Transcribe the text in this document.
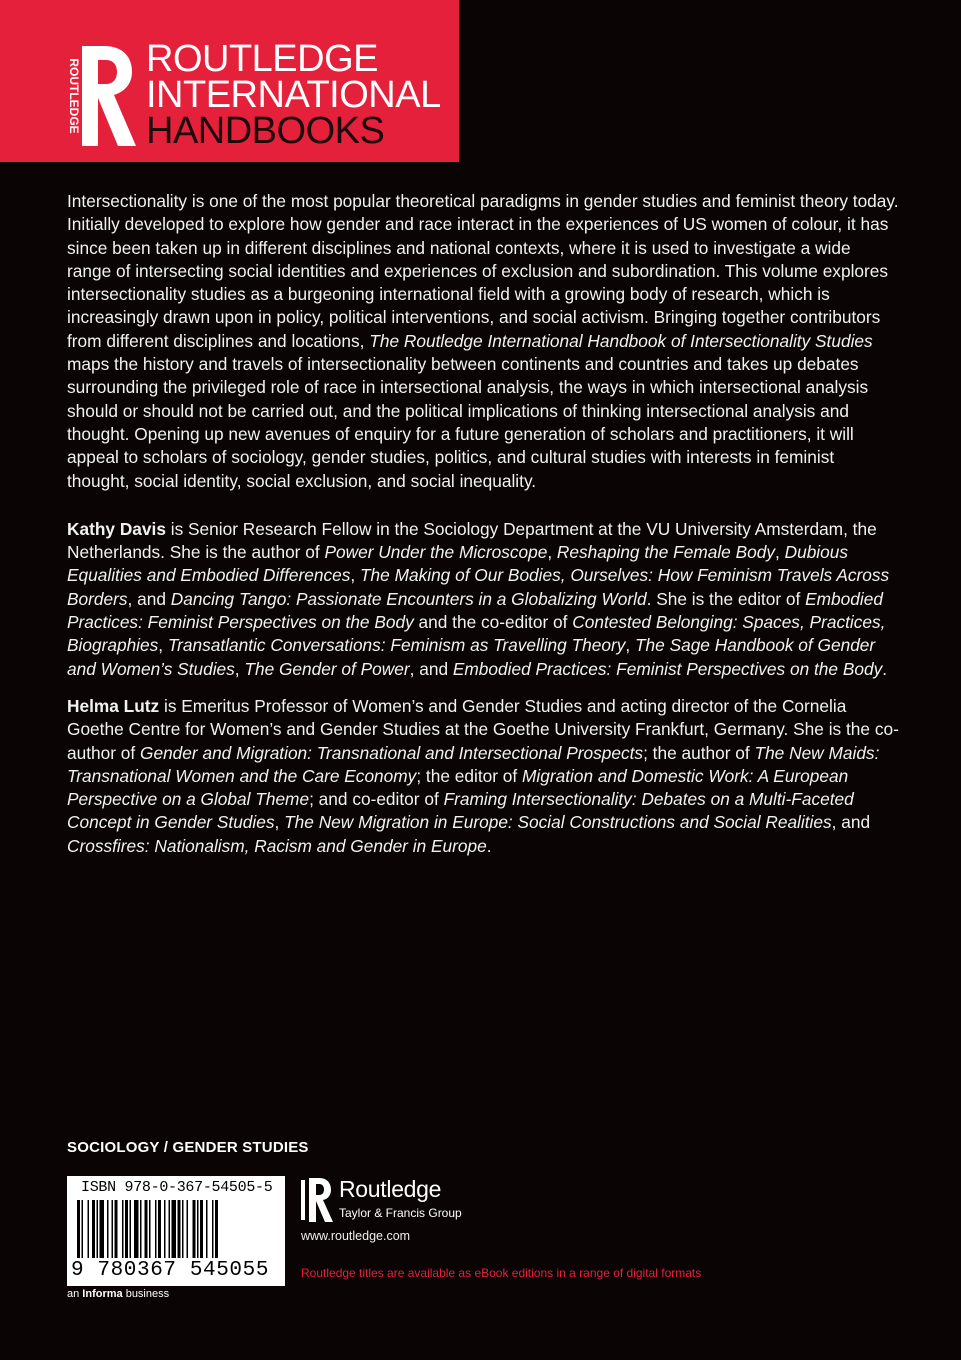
ROUTLEDGE ROUTLEDGE
INTERNATIONAL
HANDBOOKS

Intersectionality is one of the most popular theoretical paradigms in gender studies and feminist theory today. Initially developed to explore how gender and race interact in the experiences of US women of colour, it has since been taken up in different disciplines and national contexts, where it is used to investigate a wide range of intersecting social identities and experiences of exclusion and subordination. This volume explores intersectionality studies as a burgeoning international field with a growing body of research, which is increasingly drawn upon in policy, political interventions, and social activism. Bringing together contributors from different disciplines and locations, The Routledge International Handbook of Intersectionality Studies maps the history and travels of intersectionality between continents and countries and takes up debates surrounding the privileged role of race in intersectional analysis, the ways in which intersectional analysis should or should not be carried out, and the political implications of thinking intersectional analysis and thought. Opening up new avenues of enquiry for a future generation of scholars and practitioners, it will appeal to scholars of sociology, gender studies, politics, and cultural studies with interests in feminist thought, social identity, social exclusion, and social inequality.

Kathy Davis is Senior Research Fellow in the Sociology Department at the VU University Amsterdam, the Netherlands. She is the author of Power Under the Microscope, Reshaping the Female Body, Dubious Equalities and Embodied Differences, The Making of Our Bodies, Ourselves: How Feminism Travels Across Borders, and Dancing Tango: Passionate Encounters in a Globalizing World. She is the editor of Embodied Practices: Feminist Perspectives on the Body and the co-editor of Contested Belonging: Spaces, Practices, Biographies, Transatlantic Conversations: Feminism as Travelling Theory, The Sage Handbook of Gender and Women’s Studies, The Gender of Power, and Embodied Practices: Feminist Perspectives on the Body.

Helma Lutz is Emeritus Professor of Women’s and Gender Studies and acting director of the Cornelia Goethe Centre for Women’s and Gender Studies at the Goethe University Frankfurt, Germany. She is the co-author of Gender and Migration: Transnational and Intersectional Prospects; the author of The New Maids: Transnational Women and the Care Economy; the editor of Migration and Domestic Work: A European Perspective on a Global Theme; and co-editor of Framing Intersectionality: Debates on a Multi-Faceted Concept in Gender Studies, The New Migration in Europe: Social Constructions and Social Realities, and Crossfires: Nationalism, Racism and Gender in Europe.

SOCIOLOGY / GENDER STUDIES
ISBN 978-0-367-54505-5
9 780367 545055
an Informa business
Routledge
Taylor & Francis Group
www.routledge.com
Routledge titles are available as eBook editions in a range of digital formats
